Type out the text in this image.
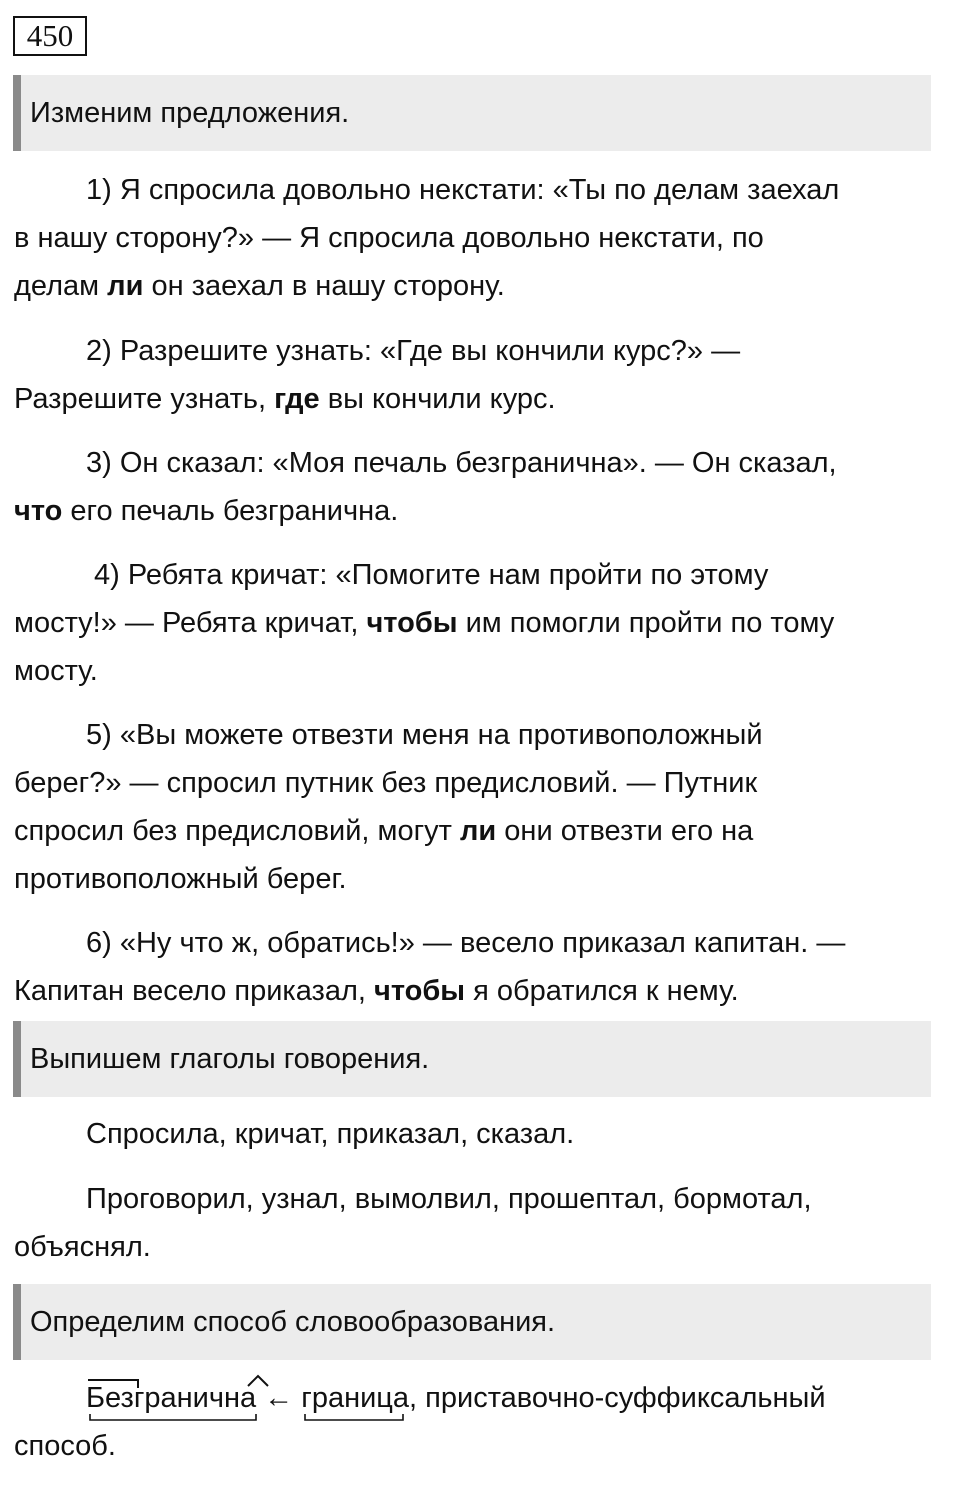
450
Изменим предложения.
1) Я спросила довольно некстати: «Ты по делам заехал
в нашу сторону?» — Я спросила довольно некстати, по
делам ли он заехал в нашу сторону.
2) Разрешите узнать: «Где вы кончили курс?» —
Разрешите узнать, где вы кончили курс.
3) Он сказал: «Моя печаль безгранична». — Он сказал,
что его печаль безгранична.
4) Ребята кричат: «Помогите нам пройти по этому
мосту!» — Ребята кричат, чтобы им помогли пройти по тому
мосту.
5) «Вы можете отвезти меня на противоположный
берег?» — спросил путник без предисловий. — Путник
спросил без предисловий, могут ли они отвезти его на
противоположный берег.
6) «Ну что ж, обратись!» — весело приказал капитан. —
Капитан весело приказал, чтобы я обратился к нему.
Выпишем глаголы говорения.
Спросила, кричат, приказал, сказал.
Проговорил, узнал, вымолвил, прошептал, бормотал,
объяснял.
Определим способ словообразования.
Безгранична
← граница
, приставочно-суффиксальный
способ.
